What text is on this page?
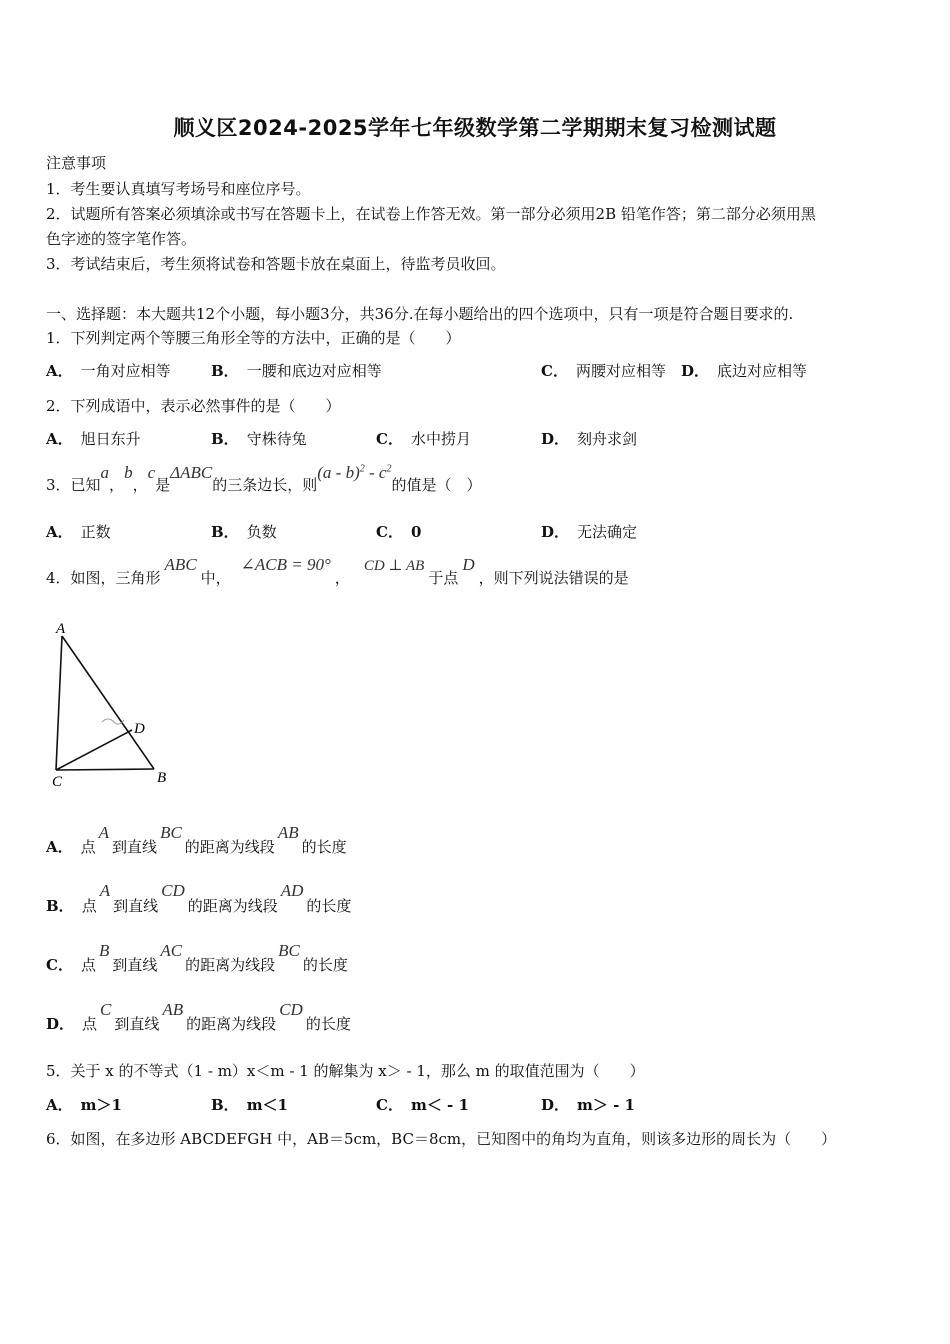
顺义区2024-2025学年七年级数学第二学期期末复习检测试题
注意事项
1．考生要认真填写考场号和座位序号。
2．试题所有答案必须填涂或书写在答题卡上，在试卷上作答无效。第一部分必须用2B 铅笔作答；第二部分必须用黑
色字迹的签字笔作答。
3．考试结束后，考生须将试卷和答题卡放在桌面上，待监考员收回。
一、选择题：本大题共12个小题，每小题3分，共36分.在每小题给出的四个选项中，只有一项是符合题目要求的.
1．下列判定两个等腰三角形全等的方法中，正确的是（　　）
A． 一角对应相等	B． 一腰和底边对应相等	C． 两腰对应相等 D． 底边对应相等
2．下列成语中，表示必然事件的是（　　）
A． 旭日东升	B． 守株待兔	C． 水中捞月	D． 刻舟求剑
3．已知a，b，c是ΔABC的三条边长，则$(a - b)^2 - c^2$的值是（　）
A． 正数	B． 负数	C． 0	D． 无法确定
4．如图，三角形ABC中，∠ACB = 90°，CD ⊥ AB于点D，则下列说法错误的是
A
C	B
D
A． 点A到直线BC的距离为线段AB的长度
B． 点A到直线CD的距离为线段AD的长度
C． 点B到直线AC的距离为线段BC的长度
D． 点C到直线AB的距离为线段CD的长度
5．关于 x 的不等式（1 - m）x＜m - 1 的解集为 x＞ - 1，那么 m 的取值范围为（　　）
A． m＞1	B． m＜1	C． m＜ - 1	D． m＞ - 1
6．如图，在多边形 ABCDEFGH 中，AB＝5cm，BC＝8cm，已知图中的角均为直角，则该多边形的周长为（　　）
